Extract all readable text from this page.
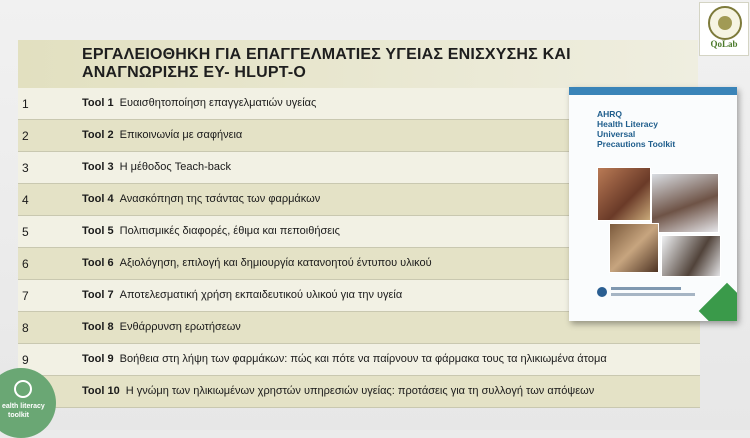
ΕΡΓΑΛΕΙΟΘΗΚΗ ΓΙΑ ΕΠΑΓΓΕΛΜΑΤΙΕΣ ΥΓΕΙΑΣ ΕΝΙΣΧΥΣΗΣ ΚΑΙ ΑΝΑΓΝΩΡΙΣΗΣ ΕΥ- HLUPT-O
1	Tool 1 Ευαισθητοποίηση επαγγελματιών υγείας
2	Tool 2 Επικοινωνία με σαφήνεια
3	Tool 3 Η μέθοδος Teach-back
4	Tool 4 Ανασκόπηση της τσάντας των φαρμάκων
5	Tool 5 Πολιτισμικές διαφορές, έθιμα και πεποιθήσεις
6	Tool 6 Αξιολόγηση, επιλογή και δημιουργία κατανοητού έντυπου υλικού
7	Tool 7 Αποτελεσματική χρήση εκπαιδευτικού υλικού για την υγεία
8	Tool 8 Ενθάρρυνση ερωτήσεων
9	Tool 9 Βοήθεια στη λήψη των φαρμάκων: πώς και πότε να παίρνουν τα φάρμακα τους τα ηλικιωμένα άτομα
Tool 10 Η γνώμη των ηλικιωμένων χρηστών υπηρεσιών υγείας: προτάσεις για τη συλλογή των απόψεων
AHRQ
Health Literacy
Universal
Precautions Toolkit
QoLab
ealth literacy
toolkit
